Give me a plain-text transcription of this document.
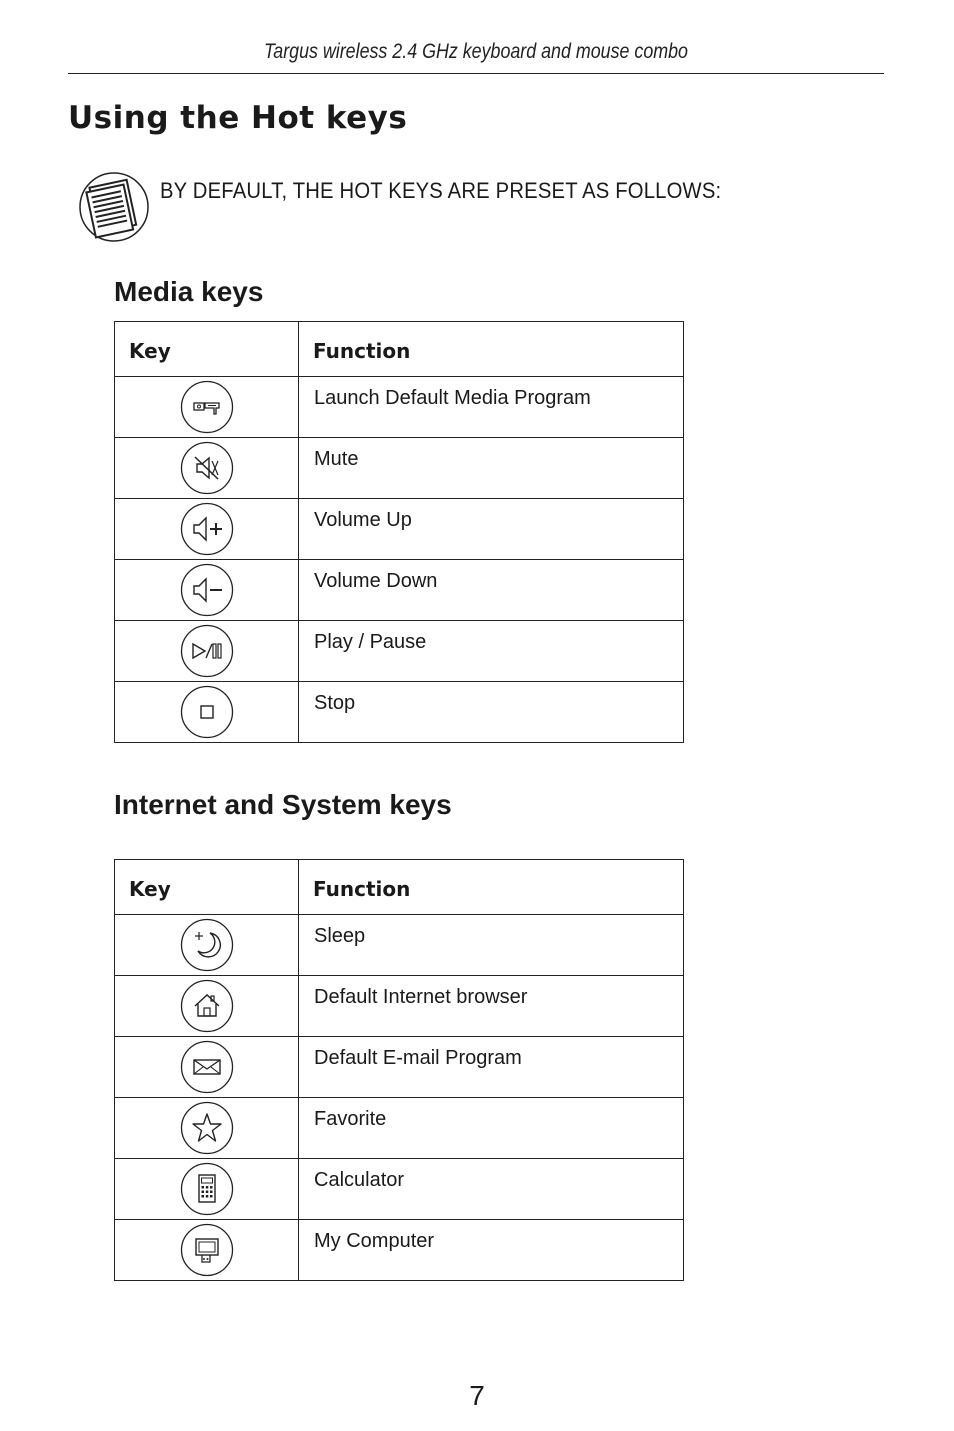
Targus wireless 2.4 GHz keyboard and mouse combo
Using the Hot keys
BY DEFAULT, THE HOT KEYS ARE PRESET AS FOLLOWS:
Media keys
Key	Function
	Launch Default Media Program
	Mute
	Volume Up
	Volume Down
	Play / Pause
	Stop
Internet and System keys
Key	Function
	Sleep
	Default Internet browser
	Default E-mail Program
	Favorite
	Calculator
	My Computer
7
